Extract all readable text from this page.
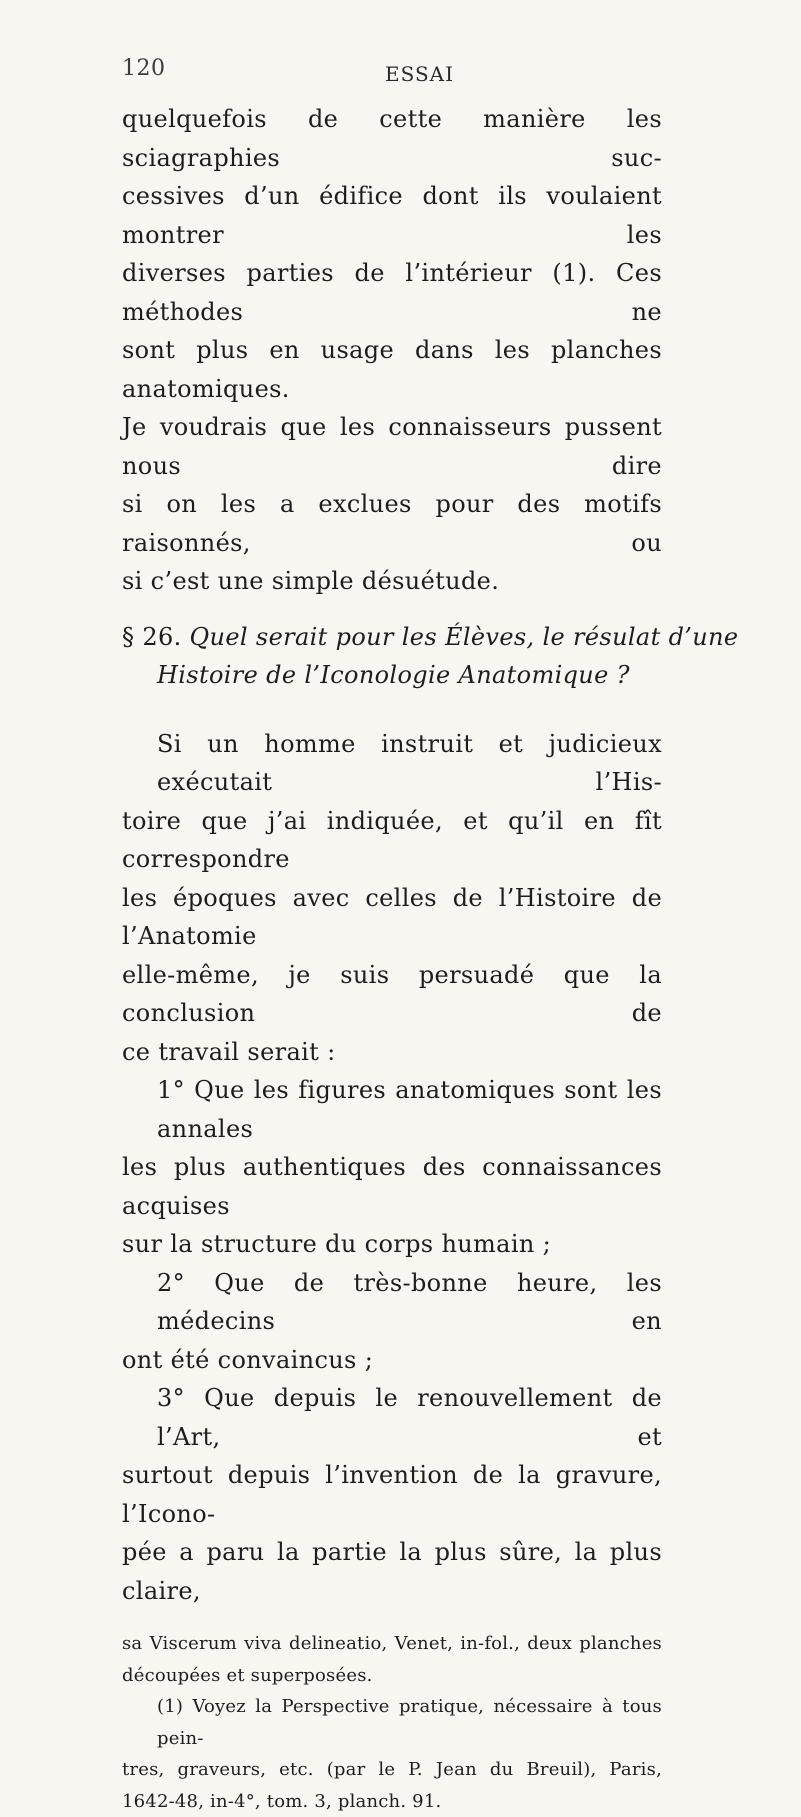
120	ESSAI

quelquefois de cette manière les sciagraphies suc-

cessives d’un édifice dont ils voulaient montrer les

diverses parties de l’intérieur (1). Ces méthodes ne

sont plus en usage dans les planches anatomiques.

Je voudrais que les connaisseurs pussent nous dire

si on les a exclues pour des motifs raisonnés, ou

si c’est une simple désuétude.

§ 26. Quel serait pour les Élèves, le résulat d’une

Histoire de l’Iconologie Anatomique ?

Si un homme instruit et judicieux exécutait l’His-

toire que j’ai indiquée, et qu’il en fît correspondre

les époques avec celles de l’Histoire de l’Anatomie

elle-même, je suis persuadé que la conclusion de

ce travail serait :

1° Que les figures anatomiques sont les annales

les plus authentiques des connaissances acquises

sur la structure du corps humain ;

2° Que de très-bonne heure, les médecins en

ont été convaincus ;

3° Que depuis le renouvellement de l’Art, et

surtout depuis l’invention de la gravure, l’Icono-

pée a paru la partie la plus sûre, la plus claire,

sa Viscerum viva delineatio, Venet, in-fol., deux planches

découpées et superposées.

(1) Voyez la Perspective pratique, nécessaire à tous pein-

tres, graveurs, etc. (par le P. Jean du Breuil), Paris,

1642-48, in-4°, tom. 3, planch. 91.
